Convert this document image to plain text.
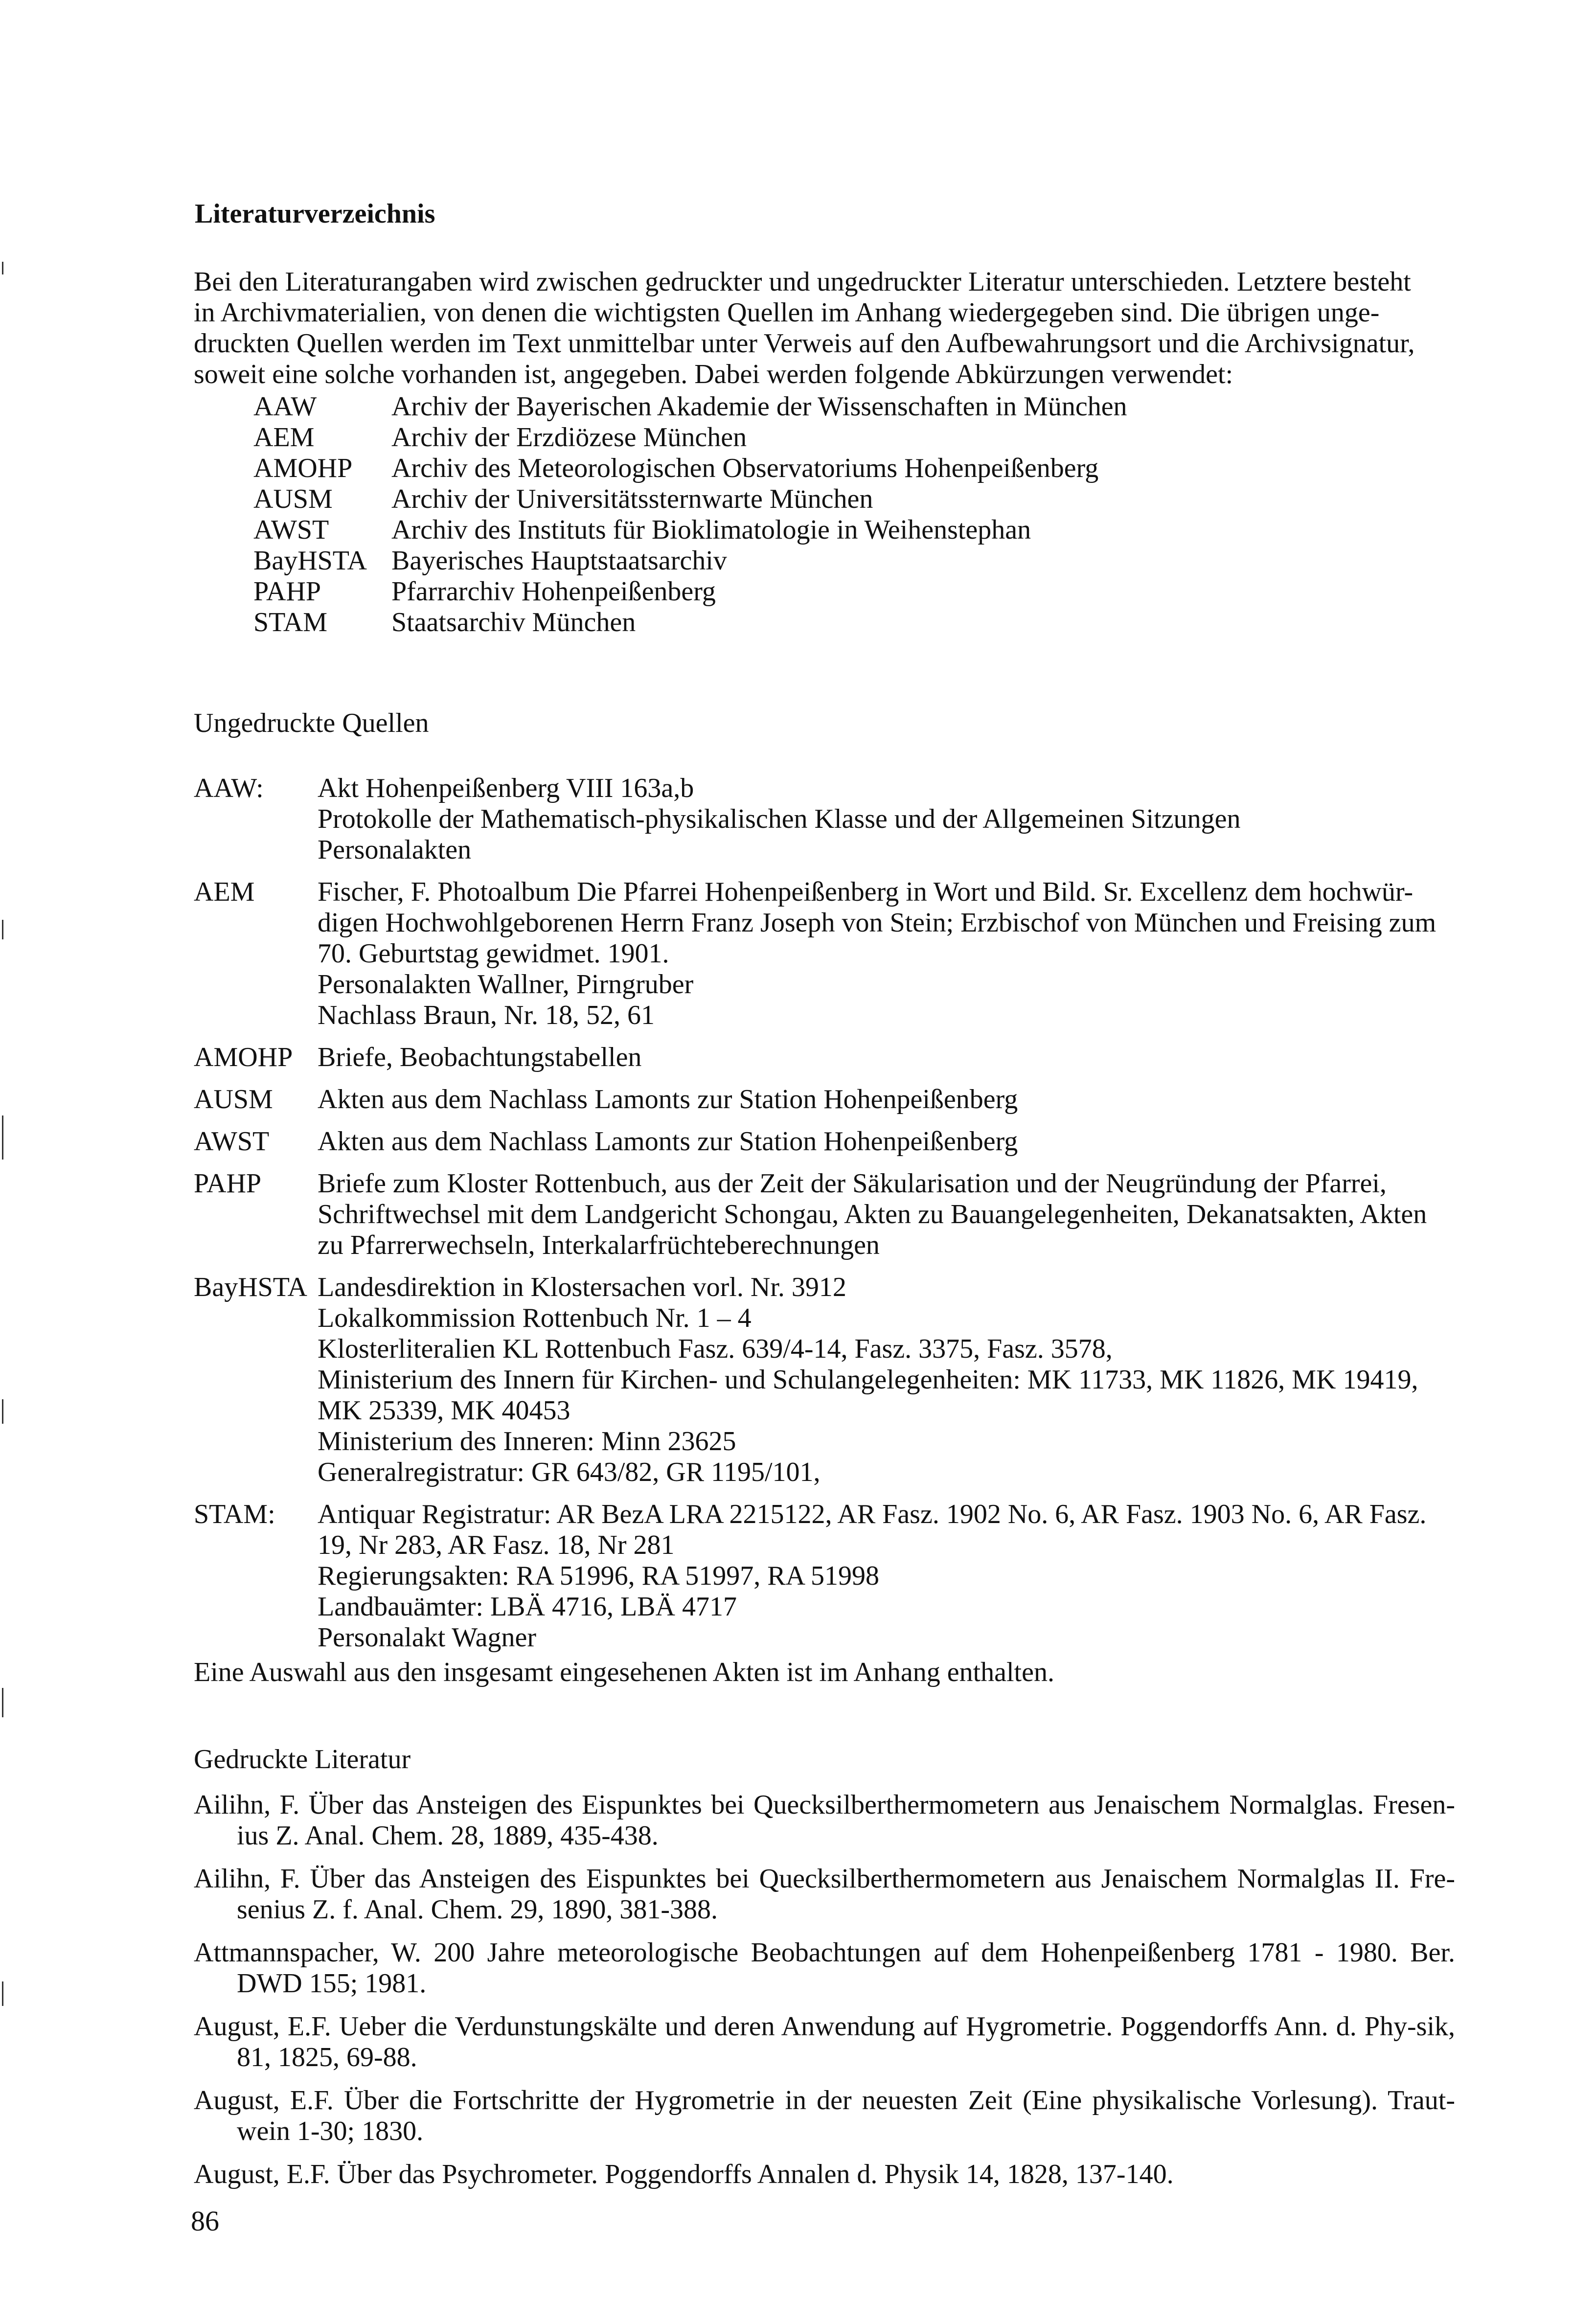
Literaturverzeichnis
Bei den Literaturangaben wird zwischen gedruckter und ungedruckter Literatur unterschieden. Letztere besteht
in Archivmaterialien, von denen die wichtigsten Quellen im Anhang wiedergegeben sind. Die übrigen unge-
druckten Quellen werden im Text unmittelbar unter Verweis auf den Aufbewahrungsort und die Archivsignatur,
soweit eine solche vorhanden ist, angegeben. Dabei werden folgende Abkürzungen verwendet:
AAW	Archiv der Bayerischen Akademie der Wissenschaften in München
AEM	Archiv der Erzdiözese München
AMOHP	Archiv des Meteorologischen Observatoriums Hohenpeißenberg
AUSM	Archiv der Universitätssternwarte München
AWST	Archiv des Instituts für Bioklimatologie in Weihenstephan
BayHSTA Bayerisches Hauptstaatsarchiv
PAHP	Pfarrarchiv Hohenpeißenberg
STAM	Staatsarchiv München
Ungedruckte Quellen
AAW:	Akt Hohenpeißenberg VIII 163a,b
Protokolle der Mathematisch-physikalischen Klasse und der Allgemeinen Sitzungen
Personalakten
AEM	Fischer, F. Photoalbum Die Pfarrei Hohenpeißenberg in Wort und Bild. Sr. Excellenz dem hochwür-
digen Hochwohlgeborenen Herrn Franz Joseph von Stein; Erzbischof von München und Freising zum
70. Geburtstag gewidmet. 1901.
Personalakten Wallner, Pirngruber
Nachlass Braun, Nr. 18, 52, 61
AMOHP Briefe, Beobachtungstabellen
AUSM	Akten aus dem Nachlass Lamonts zur Station Hohenpeißenberg
AWST	Akten aus dem Nachlass Lamonts zur Station Hohenpeißenberg
PAHP	Briefe zum Kloster Rottenbuch, aus der Zeit der Säkularisation und der Neugründung der Pfarrei,
Schriftwechsel mit dem Landgericht Schongau, Akten zu Bauangelegenheiten, Dekanatsakten, Akten
zu Pfarrerwechseln, Interkalarfrüchteberechnungen
BayHSTA Landesdirektion in Klostersachen vorl. Nr. 3912
Lokalkommission Rottenbuch Nr. 1 – 4
Klosterliteralien KL Rottenbuch Fasz. 639/4-14, Fasz. 3375, Fasz. 3578,
Ministerium des Innern für Kirchen- und Schulangelegenheiten: MK 11733, MK 11826, MK 19419,
MK 25339, MK 40453
Ministerium des Inneren: Minn 23625
Generalregistratur: GR 643/82, GR 1195/101,
STAM:	Antiquar Registratur: AR BezA LRA 2215122, AR Fasz. 1902 No. 6, AR Fasz. 1903 No. 6, AR Fasz.
19, Nr 283, AR Fasz. 18, Nr 281
Regierungsakten: RA 51996, RA 51997, RA 51998
Landbauämter: LBÄ 4716, LBÄ 4717
Personalakt Wagner
Eine Auswahl aus den insgesamt eingesehenen Akten ist im Anhang enthalten.
Gedruckte Literatur
Ailihn, F. Über das Ansteigen des Eispunktes bei Quecksilberthermometern aus Jenaischem Normalglas. Fresen-ius Z. Anal. Chem. 28, 1889, 435-438.
Ailihn, F. Über das Ansteigen des Eispunktes bei Quecksilberthermometern aus Jenaischem Normalglas II. Fre-senius Z. f. Anal. Chem. 29, 1890, 381-388.
Attmannspacher, W. 200 Jahre meteorologische Beobachtungen auf dem Hohenpeißenberg 1781 - 1980. Ber. DWD 155; 1981.
August, E.F. Ueber die Verdunstungskälte und deren Anwendung auf Hygrometrie. Poggendorffs Ann. d. Phy-sik, 81, 1825, 69-88.
August, E.F. Über die Fortschritte der Hygrometrie in der neuesten Zeit (Eine physikalische Vorlesung). Traut-wein 1-30; 1830.
August, E.F. Über das Psychrometer. Poggendorffs Annalen d. Physik 14, 1828, 137-140.
86
